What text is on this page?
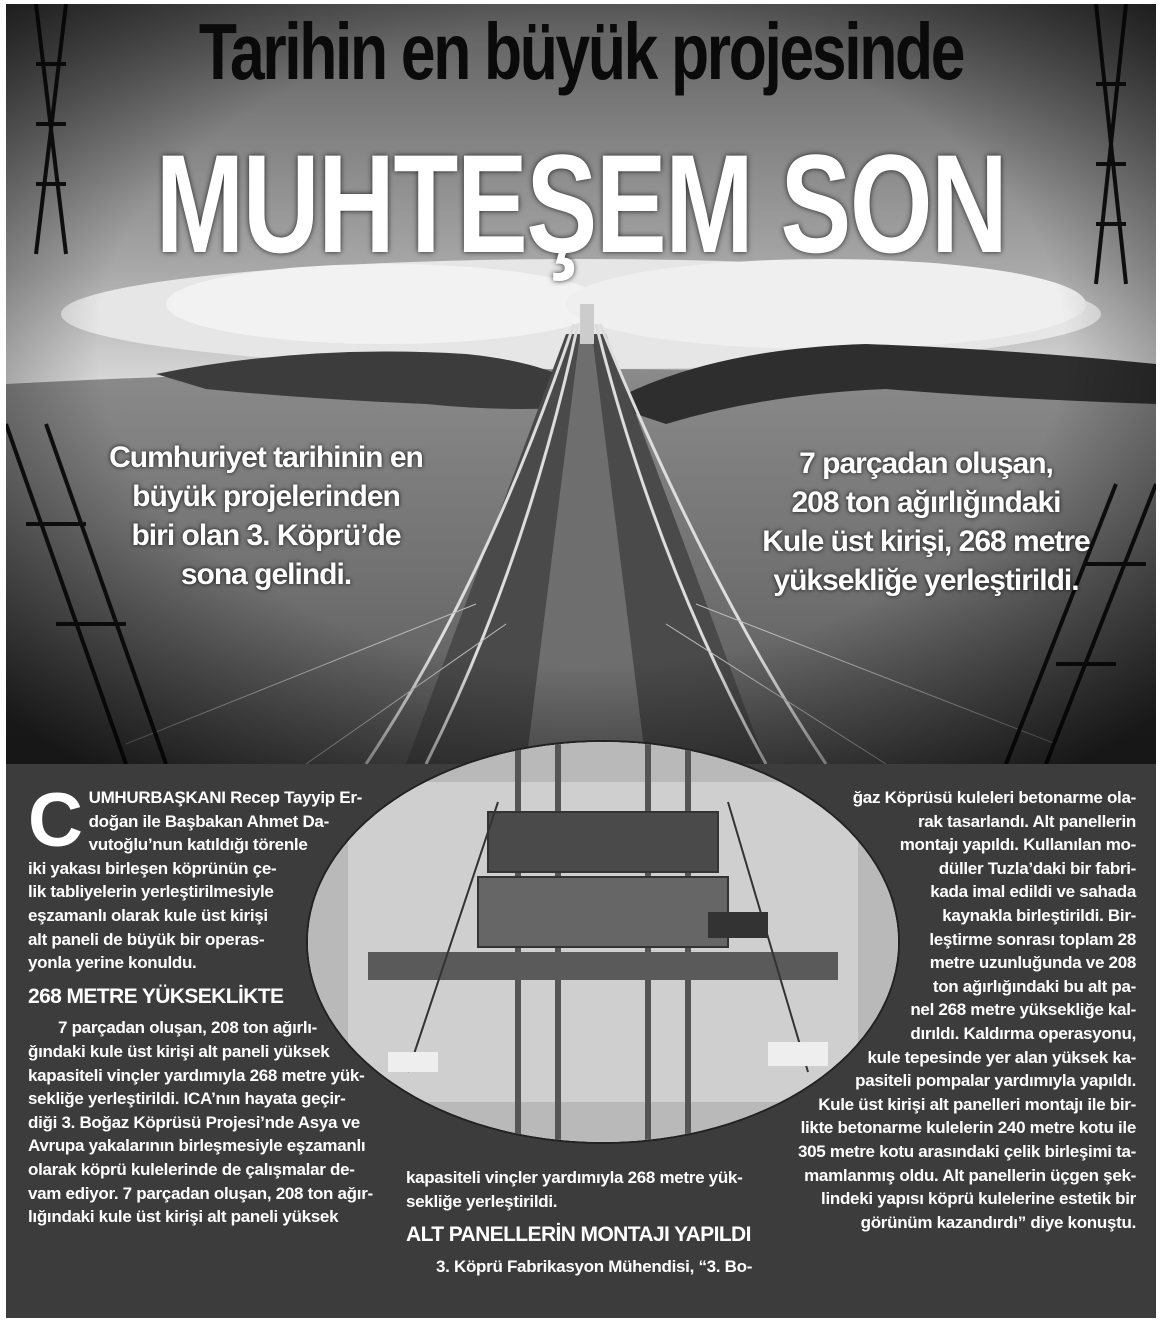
Tarihin en büyük projesinde
MUHTEŞEM SON
Cumhuriyet tarihinin en
büyük projelerinden
biri olan 3. Köprü’de
sona gelindi.
7 parçadan oluşan,
208 ton ağırlığındaki
Kule üst kirişi, 268 metre
yüksekliğe yerleştirildi.
C UMHURBAŞKANI Recep Tayyip Er-
doğan ile Başbakan Ahmet Da-
vutoğlu’nun katıldığı törenle
iki yakası birleşen köprünün çe-
lik tabliyelerin yerleştirilmesiyle
eşzamanlı olarak kule üst kirişi
alt paneli de büyük bir operas-
yonla yerine konuldu.
268 METRE YÜKSEKLİKTE
7 parçadan oluşan, 208 ton ağırlı-
ğındaki kule üst kirişi alt paneli yüksek
kapasiteli vinçler yardımıyla 268 metre yük-
sekliğe yerleştirildi. ICA’nın hayata geçir-
diği 3. Boğaz Köprüsü Projesi’nde Asya ve
Avrupa yakalarının birleşmesiyle eşzamanlı
olarak köprü kulelerinde de çalışmalar de-
vam ediyor. 7 parçadan oluşan, 208 ton ağır-
lığındaki kule üst kirişi alt paneli yüksek
kapasiteli vinçler yardımıyla 268 metre yük-
sekliğe yerleştirildi.
ALT PANELLERİN MONTAJI YAPILDI
3. Köprü Fabrikasyon Mühendisi, “3. Bo-
ğaz Köprüsü kuleleri betonarme ola-
rak tasarlandı. Alt panellerin
montajı yapıldı. Kullanılan mo-
düller Tuzla’daki bir fabri-
kada imal edildi ve sahada
kaynakla birleştirildi. Bir-
leştirme sonrası toplam 28
metre uzunluğunda ve 208
ton ağırlığındaki bu alt pa-
nel 268 metre yüksekliğe kal-
dırıldı. Kaldırma operasyonu,
kule tepesinde yer alan yüksek ka-
pasiteli pompalar yardımıyla yapıldı.
Kule üst kirişi alt panelleri montajı ile bir-
likte betonarme kulelerin 240 metre kotu ile
305 metre kotu arasındaki çelik birleşimi ta-
mamlanmış oldu. Alt panellerin üçgen şek-
lindeki yapısı köprü kulelerine estetik bir
görünüm kazandırdı” diye konuştu.
